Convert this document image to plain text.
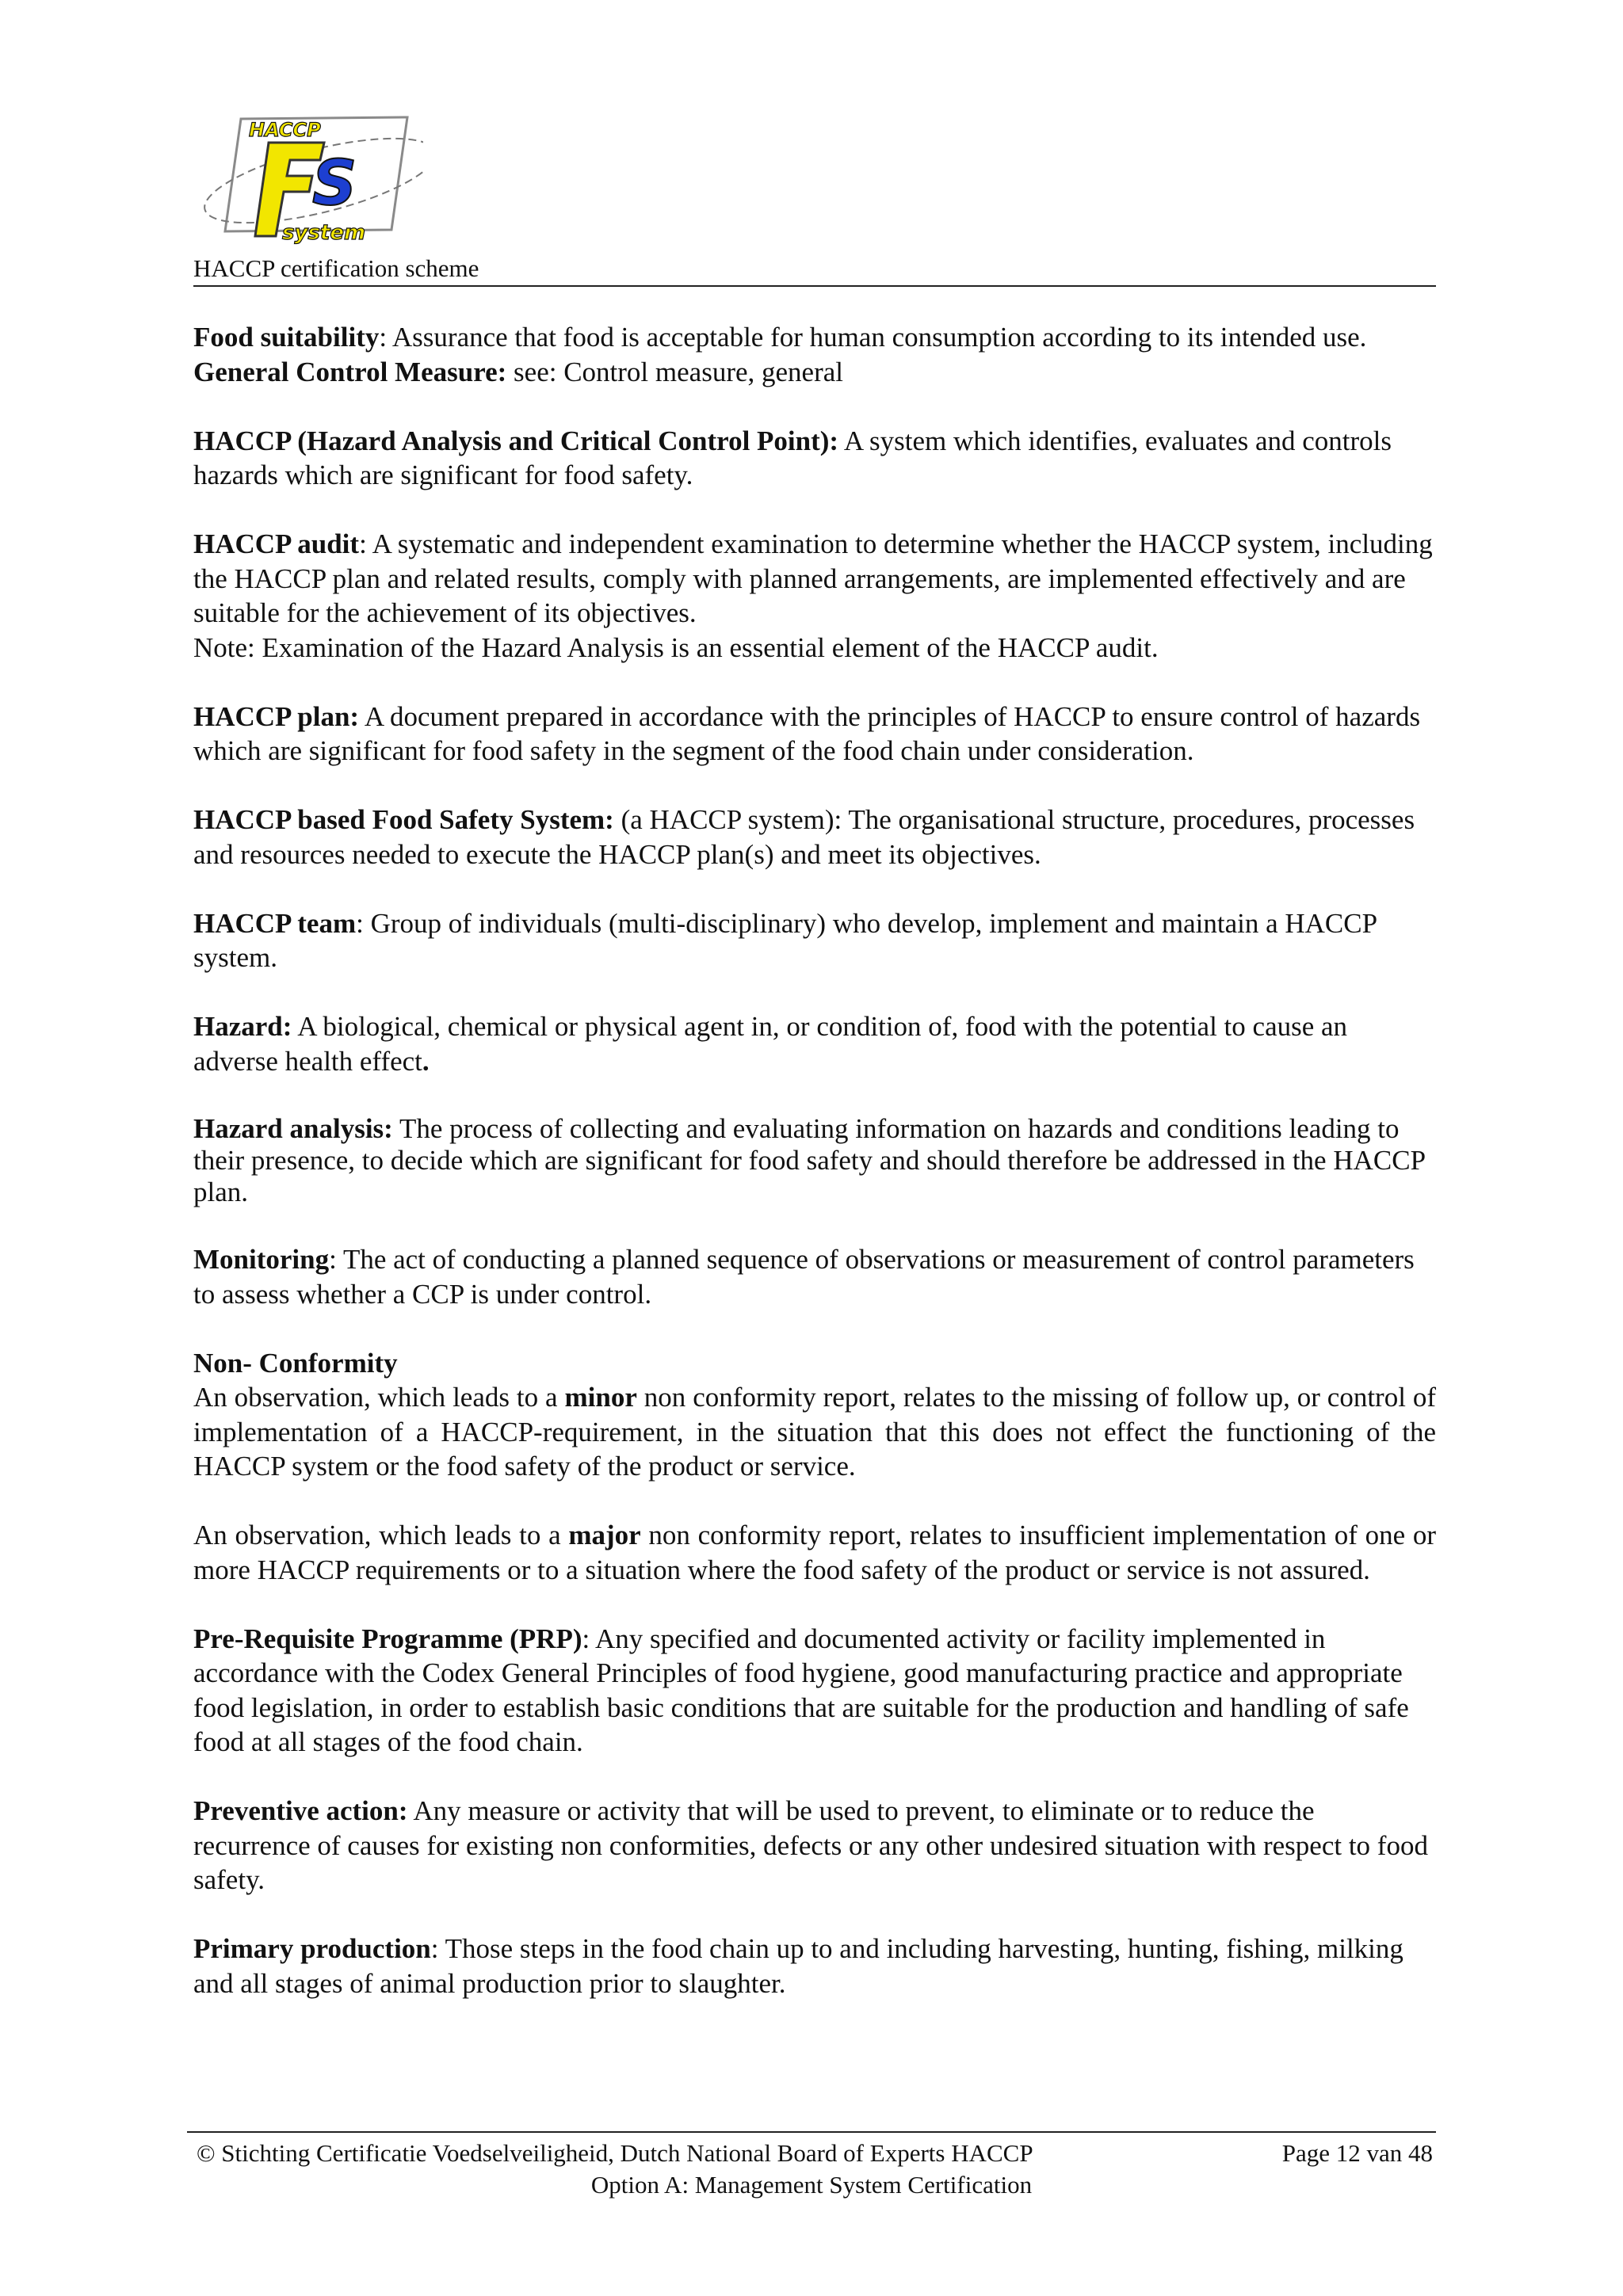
S
HACCP
system
HACCP certification scheme

Food suitability: Assurance that food is acceptable for human consumption according to its intended use.

General Control Measure: see: Control measure, general

HACCP (Hazard Analysis and Critical Control Point): A system which identifies, evaluates and controls hazards which are significant for food safety.

HACCP audit: A systematic and independent examination to determine whether the HACCP system, including the HACCP plan and related results, comply with planned arrangements, are implemented effectively and are suitable for the achievement of its objectives.

Note: Examination of the Hazard Analysis is an essential element of the HACCP audit.

HACCP plan: A document prepared in accordance with the principles of HACCP to ensure control of hazards which are significant for food safety in the segment of the food chain under consideration.

HACCP based Food Safety System: (a HACCP system): The organisational structure, procedures, processes and resources needed to execute the HACCP plan(s) and meet its objectives.

HACCP team: Group of individuals (multi-disciplinary) who develop, implement and maintain a HACCP system.

Hazard: A biological, chemical or physical agent in, or condition of, food with the potential to cause an adverse health effect.

Hazard analysis: The process of collecting and evaluating information on hazards and conditions leading to their presence, to decide which are significant for food safety and should therefore be addressed in the HACCP plan.

Monitoring: The act of conducting a planned sequence of observations or measurement of control parameters to assess whether a CCP is under control.

Non- Conformity

An observation, which leads to a minor non conformity report, relates to the missing of follow up, or control of implementation of a HACCP-requirement, in the situation that this does not effect the functioning of the HACCP system or the food safety of the product or service.

An observation, which leads to a major non conformity report, relates to insufficient implementation of one or more HACCP requirements or to a situation where the food safety of the product or service is not assured.

Pre-Requisite Programme (PRP): Any specified and documented activity or facility implemented in accordance with the Codex General Principles of food hygiene, good manufacturing practice and appropriate food legislation, in order to establish basic conditions that are suitable for the production and handling of safe food at all stages of the food chain.

Preventive action: Any measure or activity that will be used to prevent, to eliminate or to reduce the recurrence of causes for existing non conformities, defects or any other undesired situation with respect to food safety.

Primary production: Those steps in the food chain up to and including harvesting, hunting, fishing, milking and all stages of animal production prior to slaughter.

© Stichting Certificatie Voedselveiligheid, Dutch National Board of Experts HACCP	Page 12 van 48
Option A: Management System Certification
